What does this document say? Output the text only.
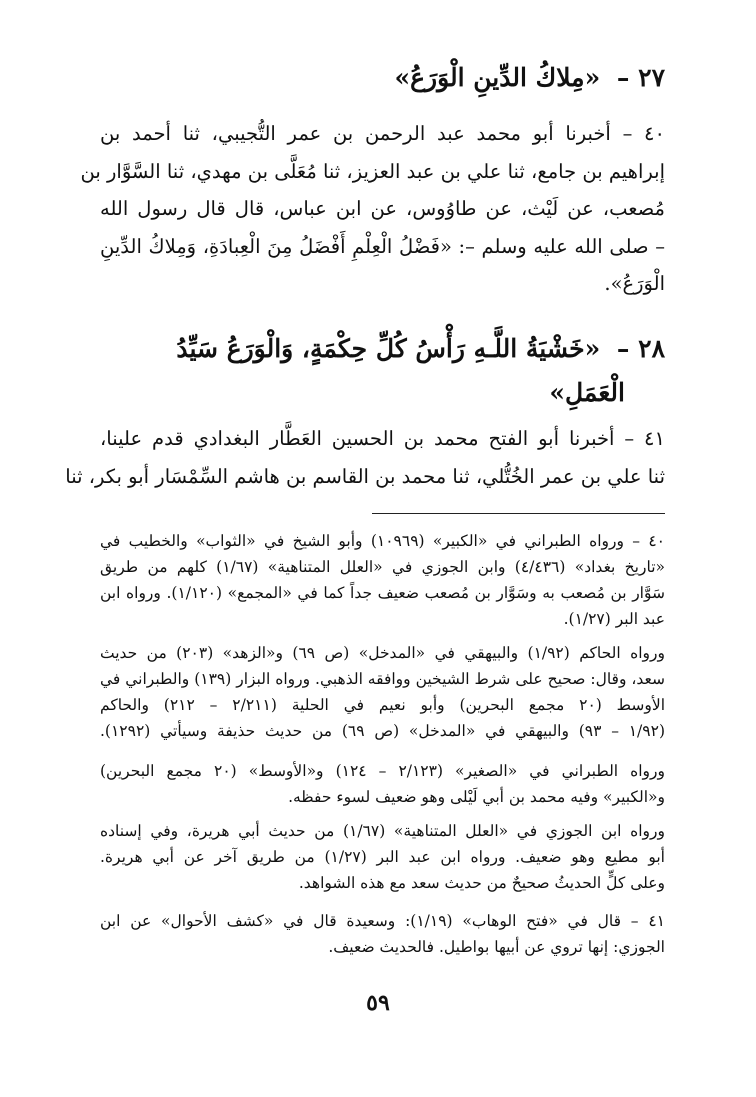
٢٧ – «مِلاكُ الدِّينِ الْوَرَعُ»
٤٠ – أخبرنا أبو محمد عبد الرحمن بن عمر التُّجيبي، ثنا أحمد بن
إبراهيم بن جامع، ثنا علي بن عبد العزيز، ثنا مُعَلَّى بن مهدي، ثنا السَّوَّار بن
مُصعب، عن لَيْث، عن طاوُوس، عن ابن عباس، قال قال رسول الله
– صلى الله عليه وسلم –: «فَضْلُ الْعِلْمِ أَفْضَلُ مِنَ الْعِبادَةِ، وَمِلاكُ الدِّينِ
الْوَرَعُ».
٢٨ – «خَشْيَةُ اللَّـهِ رَأْسُ كُلِّ حِكْمَةٍ، وَالْوَرَعُ سَيِّدُ
الْعَمَلِ»
٤١ – أخبرنا أبو الفتح محمد بن الحسين العَطَّار البغدادي قدم علينا،
ثنا علي بن عمر الخُتُّلي، ثنا محمد بن القاسم بن هاشم السِّمْسَار أبو بكر، ثنا
٤٠ – ورواه الطبراني في «الكبير» (١٠٩٦٩) وأبو الشيخ في «الثواب» والخطيب في
«تاريخ بغداد» (٤/٤٣٦) وابن الجوزي في «العلل المتناهية» (١/٦٧) كلهم من طريق
سَوَّار بن مُصعب به وسَوَّار بن مُصعب ضعيف جداً كما في «المجمع» (١/١٢٠). ورواه ابن
عبد البر (١/٢٧).
ورواه الحاكم (١/٩٢) والبيهقي في «المدخل» (ص ٦٩) و«الزهد» (٢٠٣) من حديث
سعد، وقال: صحيح على شرط الشيخين ووافقه الذهبي. ورواه البزار (١٣٩) والطبراني في
الأوسط (٢٠ مجمع البحرين) وأبو نعيم في الحلية (٢/٢١١ – ٢١٢) والحاكم
(١/٩٢ – ٩٣) والبيهقي في «المدخل» (ص ٦٩) من حديث حذيفة وسيأتي (١٢٩٢).
ورواه الطبراني في «الصغير» (٢/١٢٣ – ١٢٤) و«الأوسط» (٢٠ مجمع البحرين)
و«الكبير» وفيه محمد بن أبي لَيْلى وهو ضعيف لسوء حفظه.
ورواه ابن الجوزي في «العلل المتناهية» (١/٦٧) من حديث أبي هريرة، وفي إسناده
أبو مطيع وهو ضعيف. ورواه ابن عبد البر (١/٢٧) من طريق آخر عن أبي هريرة.
وعلى كلٍّ الحديثُ صحيحٌ من حديث سعد مع هذه الشواهد.
٤١ – قال في «فتح الوهاب» (١/١٩): وسعيدة قال في «كشف الأحوال» عن ابن
الجوزي: إنها تروي عن أبيها بواطيل. فالحديث ضعيف.
٥٩
